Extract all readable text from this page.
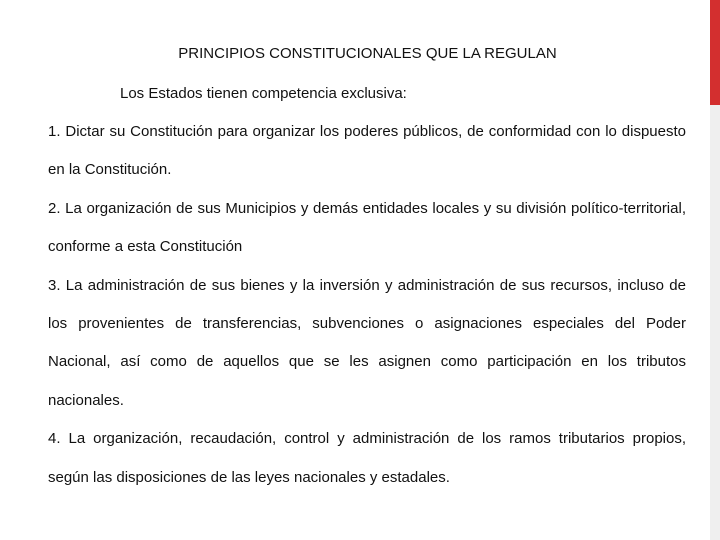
PRINCIPIOS CONSTITUCIONALES QUE LA REGULAN
Los Estados tienen competencia exclusiva:

1. Dictar su Constitución para organizar los poderes públicos, de conformidad con lo dispuesto en la Constitución.

2. La organización de sus Municipios y demás entidades locales y su división político-territorial, conforme a esta Constitución

3. La administración de sus bienes y la inversión y administración de sus recursos, incluso de los provenientes de transferencias, subvenciones o asignaciones especiales del Poder Nacional, así como de aquellos que se les asignen como participación en los tributos nacionales.

4. La organización, recaudación, control y administración de los ramos tributarios propios, según las disposiciones de las leyes nacionales y estadales.
